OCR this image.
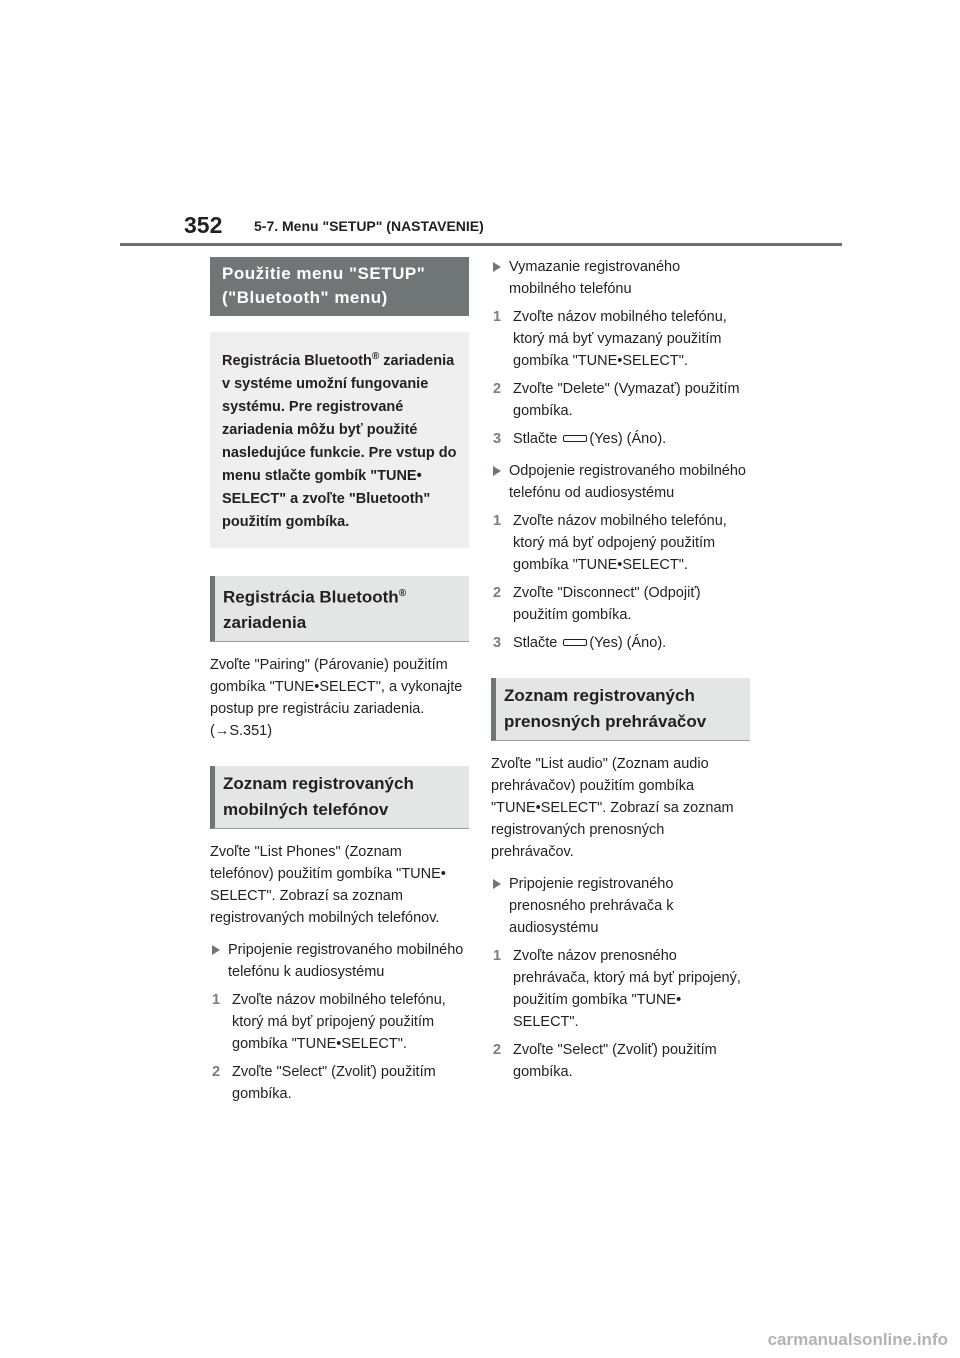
352 5-7. Menu "SETUP" (NASTAVENIE)
Použitie menu "SETUP" ("Bluetooth" menu)
Registrácia Bluetooth® zariadenia v systéme umožní fungovanie systému. Pre registrované zariadenia môžu byť použité nasledujúce funkcie. Pre vstup do menu stlačte gombík "TUNE• SELECT" a zvoľte "Bluetooth" použitím gombíka.
Registrácia Bluetooth® zariadenia
Zvoľte "Pairing" (Párovanie) použitím gombíka "TUNE•SELECT", a vykonajte postup pre registráciu zariadenia. (→S.351)
Zoznam registrovaných mobilných telefónov
Zvoľte "List Phones" (Zoznam telefónov) použitím gombíka "TUNE• SELECT". Zobrazí sa zoznam registrovaných mobilných telefónov.
Pripojenie registrovaného mobilného telefónu k audiosystému
1 Zvoľte názov mobilného telefónu, ktorý má byť pripojený použitím gombíka "TUNE•SELECT".
2 Zvoľte "Select" (Zvoliť) použitím gombíka.
Vymazanie registrovaného mobilného telefónu
1 Zvoľte názov mobilného telefónu, ktorý má byť vymazaný použitím gombíka "TUNE•SELECT".
2 Zvoľte "Delete" (Vymazať) použitím gombíka.
3 Stlačte (Yes) (Áno).
Odpojenie registrovaného mobilného telefónu od audiosystému
1 Zvoľte názov mobilného telefónu, ktorý má byť odpojený použitím gombíka "TUNE•SELECT".
2 Zvoľte "Disconnect" (Odpojiť) použitím gombíka.
3 Stlačte (Yes) (Áno).
Zoznam registrovaných prenosných prehrávačov
Zvoľte "List audio" (Zoznam audio prehrávačov) použitím gombíka "TUNE•SELECT". Zobrazí sa zoznam registrovaných prenosných prehrávačov.
Pripojenie registrovaného prenosného prehrávača k audiosystému
1 Zvoľte názov prenosného prehrávača, ktorý má byť pripojený, použitím gombíka "TUNE• SELECT".
2 Zvoľte "Select" (Zvoliť) použitím gombíka.
carmanualsonline.info
